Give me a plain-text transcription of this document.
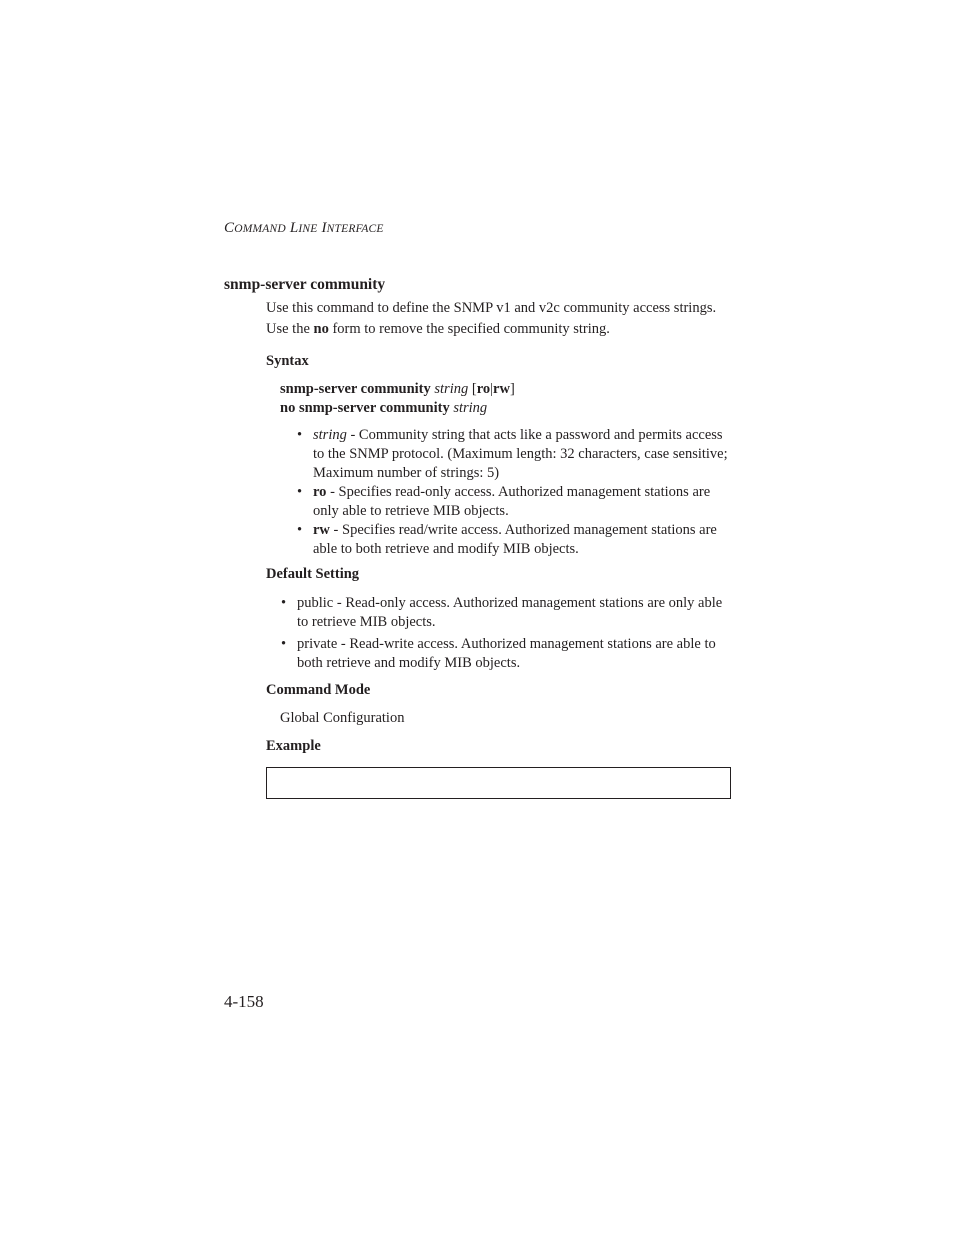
COMMAND LINE INTERFACE
snmp-server community
Use this command to define the SNMP v1 and v2c community access strings. Use the no form to remove the specified community string.
Syntax
snmp-server community string [ro|rw]
no snmp-server community string
• string - Community string that acts like a password and permits access to the SNMP protocol. (Maximum length: 32 characters, case sensitive; Maximum number of strings: 5)
• ro - Specifies read-only access. Authorized management stations are only able to retrieve MIB objects.
• rw - Specifies read/write access. Authorized management stations are able to both retrieve and modify MIB objects.
Default Setting
• public - Read-only access. Authorized management stations are only able to retrieve MIB objects.
• private - Read-write access. Authorized management stations are able to both retrieve and modify MIB objects.
Command Mode
Global Configuration
Example
4-158
